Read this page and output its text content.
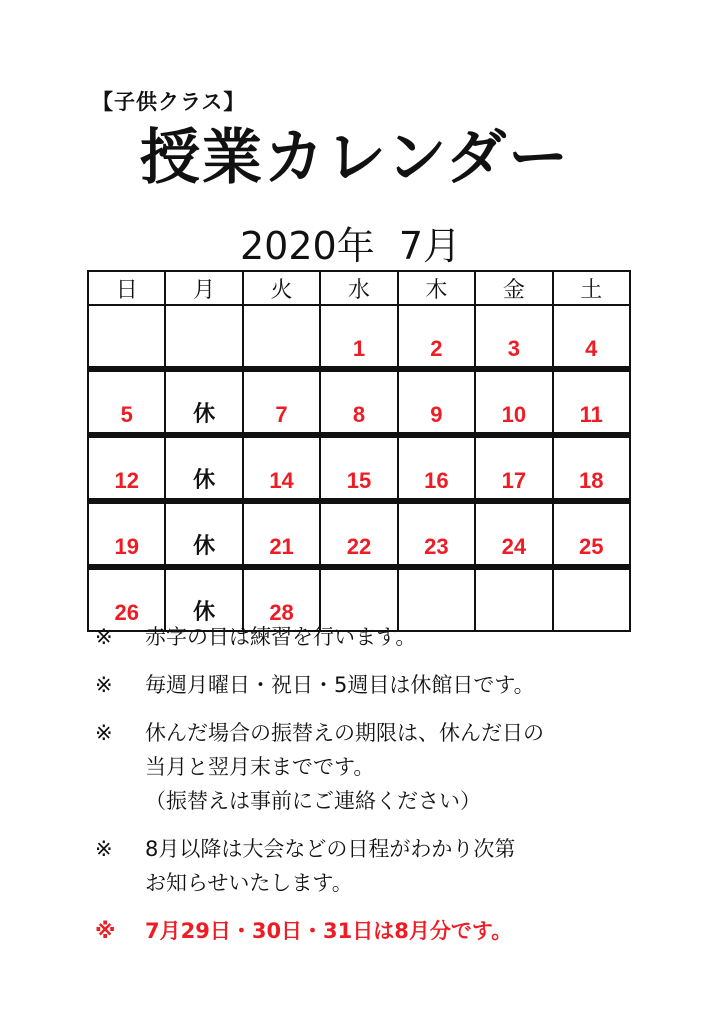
【子供クラス】
授業カレンダー
2020年  7月
日	月	火	水	木	金	土
			1	2	3	4
5	休	7	8	9	10	11
12	休	14	15	16	17	18
19	休	21	22	23	24	25
26	休	28				
※	赤字の日は練習を行います。
※	毎週月曜日・祝日・5週目は休館日です。
※	休んだ場合の振替えの期限は、休んだ日の
当月と翌月末までです。
（振替えは事前にご連絡ください）
※	8月以降は大会などの日程がわかり次第
お知らせいたします。
※	7月29日・30日・31日は8月分です。
